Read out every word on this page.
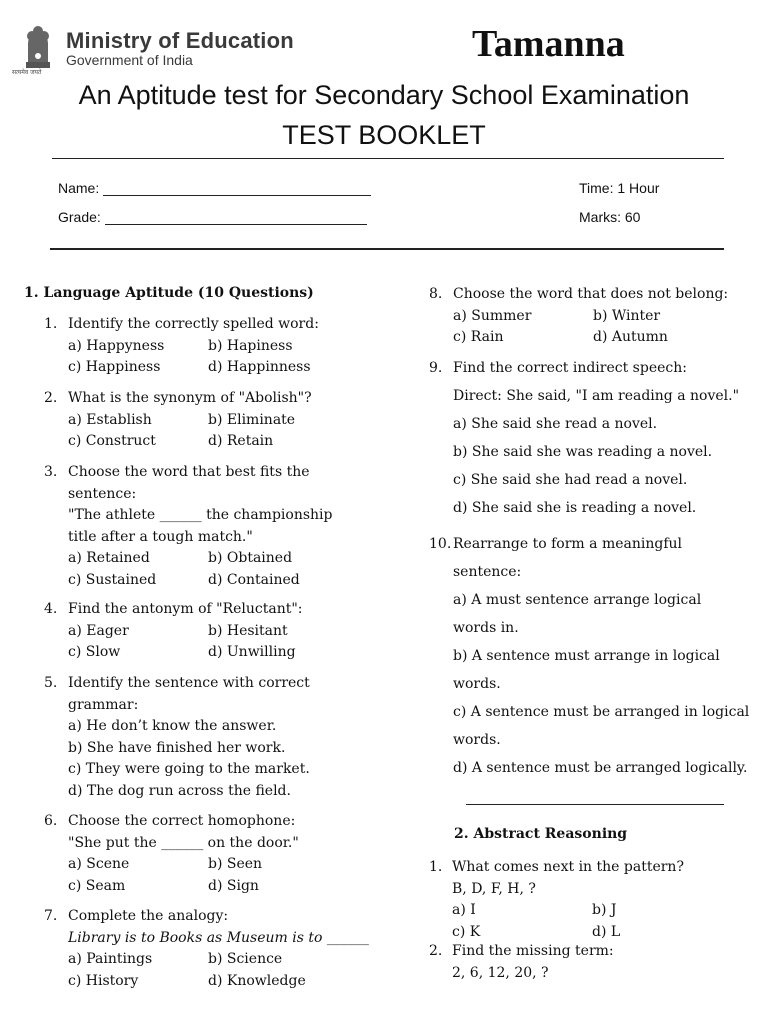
सत्यमेव जयते
Ministry of Education
Government of India	Tamanna
An Aptitude test for Secondary School Examination
TEST BOOKLET
Name:
Grade:
Time: 1 Hour
Marks: 60
1. Language Aptitude (10 Questions)
1. Identify the correctly spelled word:
a) Happyness	b) Hapiness
c) Happiness	d) Happinness
2. What is the synonym of "Abolish"?
a) Establish	b) Eliminate
c) Construct	d) Retain
3. Choose the word that best fits the
sentence:
"The athlete ______ the championship
title after a tough match."
a) Retained	b) Obtained
c) Sustained	d) Contained
4. Find the antonym of "Reluctant":
a) Eager	b) Hesitant
c) Slow	d) Unwilling
5. Identify the sentence with correct
grammar:
a) He don’t know the answer.
b) She have finished her work.
c) They were going to the market.
d) The dog run across the field.
6. Choose the correct homophone:
"She put the ______ on the door."
a) Scene	b) Seen
c) Seam	d) Sign
7. Complete the analogy:
Library is to Books as Museum is to ______
a) Paintings	b) Science
c) History	d) Knowledge
8. Choose the word that does not belong:
a) Summer	b) Winter
c) Rain	d) Autumn
9. Find the correct indirect speech:
Direct: She said, "I am reading a novel."
a) She said she read a novel.
b) She said she was reading a novel.
c) She said she had read a novel.
d) She said she is reading a novel.
10. Rearrange to form a meaningful
sentence:
a) A must sentence arrange logical
words in.
b) A sentence must arrange in logical
words.
c) A sentence must be arranged in logical
words.
d) A sentence must be arranged logically.
2. Abstract Reasoning
1. What comes next in the pattern?
B, D, F, H, ?
a) I	b) J
c) K	d) L
2. Find the missing term:
2, 6, 12, 20, ?
